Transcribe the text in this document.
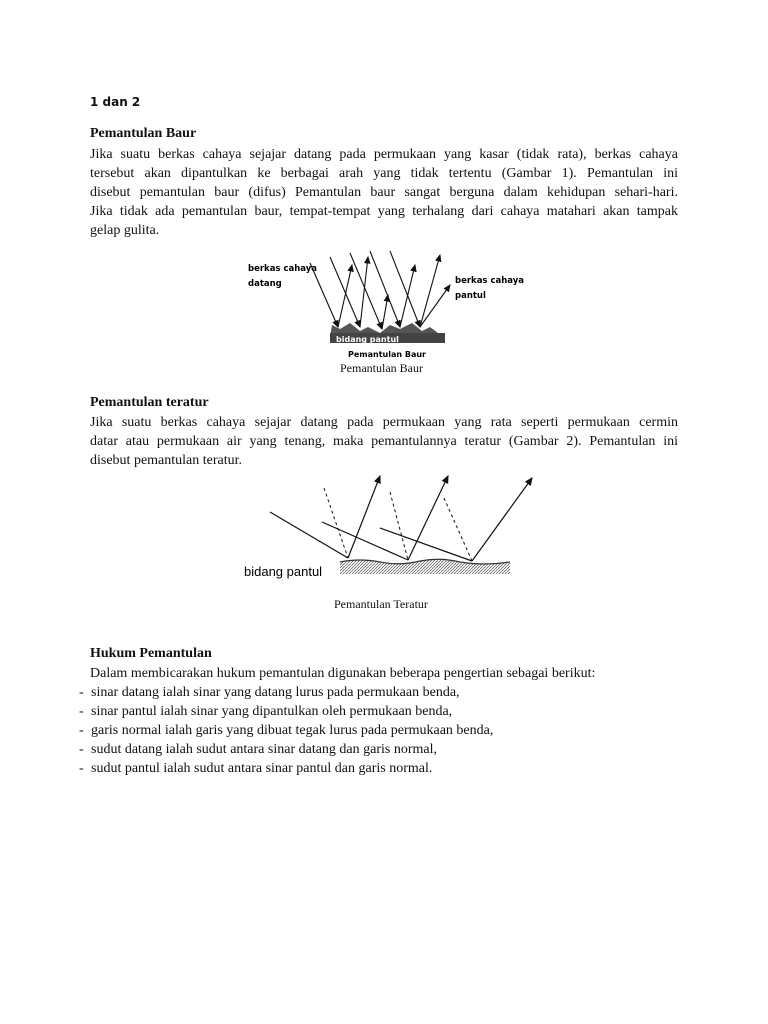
1 dan 2
Pemantulan Baur
Jika suatu berkas cahaya sejajar datang pada permukaan yang kasar (tidak rata), berkas cahaya
tersebut akan dipantulkan ke berbagai arah yang tidak tertentu (Gambar 1). Pemantulan ini
disebut pemantulan baur (difus) Pemantulan baur sangat berguna dalam kehidupan sehari-hari.
Jika tidak ada pemantulan baur, tempat-tempat yang terhalang dari cahaya matahari akan tampak
gelap gulita.
berkas cahaya
datang	berkas cahaya
pantul
bidang pantul
Pemantulan Baur
Pemantulan Baur
Pemantulan teratur
Jika suatu berkas cahaya sejajar datang pada permukaan yang rata seperti permukaan cermin
datar atau permukaan air yang tenang, maka pemantulannya teratur (Gambar 2). Pemantulan ini
disebut pemantulan teratur.
bidang pantul
Pemantulan Teratur
Hukum Pemantulan
Dalam membicarakan hukum pemantulan digunakan beberapa pengertian sebagai berikut:
- sinar datang ialah sinar yang datang lurus pada permukaan benda,
- sinar pantul ialah sinar yang dipantulkan oleh permukaan benda,
- garis normal ialah garis yang dibuat tegak lurus pada permukaan benda,
- sudut datang ialah sudut antara sinar datang dan garis normal,
- sudut pantul ialah sudut antara sinar pantul dan garis normal.
